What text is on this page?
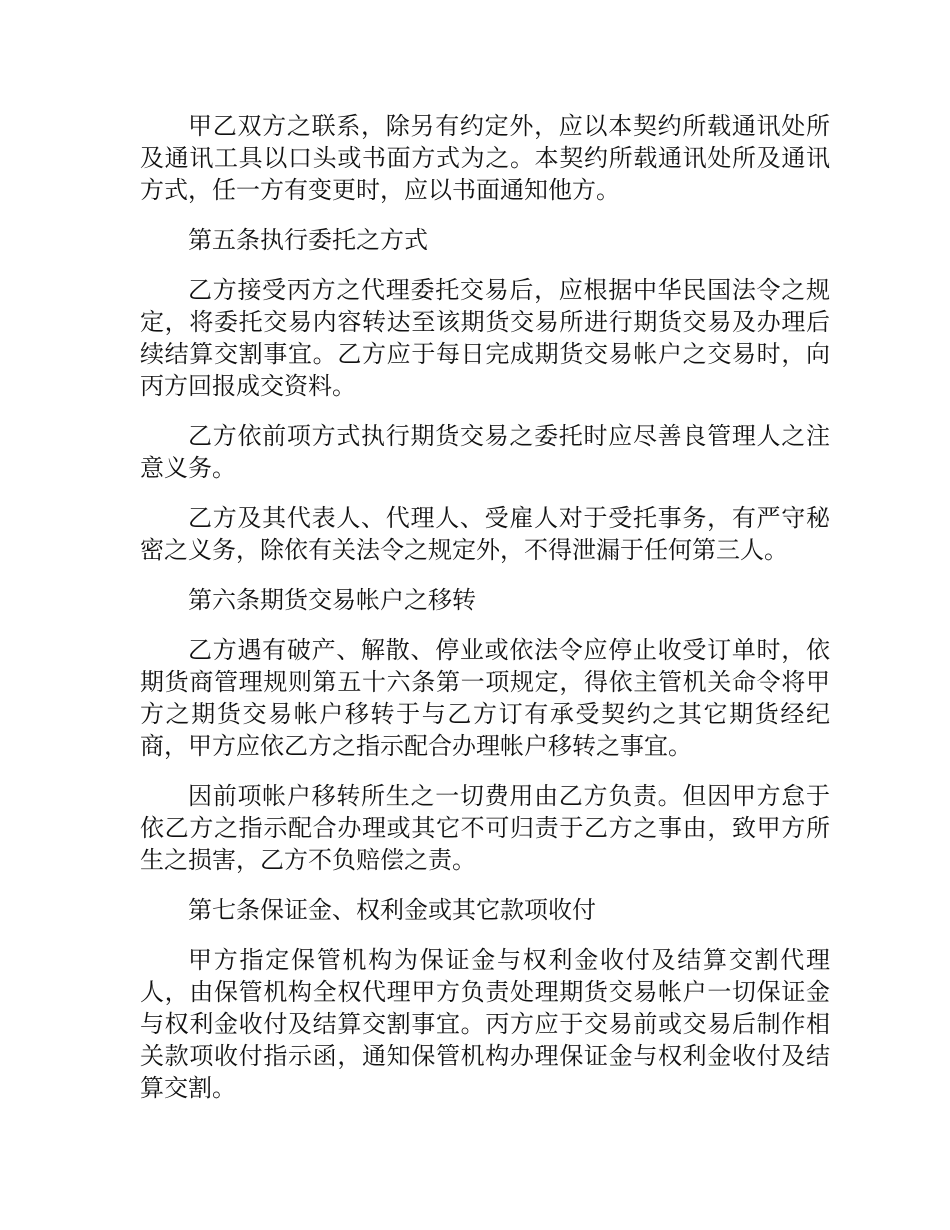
甲乙双方之联系，除另有约定外，应以本契约所载通讯处所及通讯工具以口头或书面方式为之。本契约所载通讯处所及通讯方式，任一方有变更时，应以书面通知他方。

第五条执行委托之方式

乙方接受丙方之代理委托交易后，应根据中华民国法令之规定，将委托交易内容转达至该期货交易所进行期货交易及办理后续结算交割事宜。乙方应于每日完成期货交易帐户之交易时，向丙方回报成交资料。

乙方依前项方式执行期货交易之委托时应尽善良管理人之注意义务。

乙方及其代表人、代理人、受雇人对于受托事务，有严守秘密之义务，除依有关法令之规定外，不得泄漏于任何第三人。

第六条期货交易帐户之移转

乙方遇有破产、解散、停业或依法令应停止收受订单时，依期货商管理规则第五十六条第一项规定，得依主管机关命令将甲方之期货交易帐户移转于与乙方订有承受契约之其它期货经纪商，甲方应依乙方之指示配合办理帐户移转之事宜。

因前项帐户移转所生之一切费用由乙方负责。但因甲方怠于依乙方之指示配合办理或其它不可归责于乙方之事由，致甲方所生之损害，乙方不负赔偿之责。

第七条保证金、权利金或其它款项收付

甲方指定保管机构为保证金与权利金收付及结算交割代理人，由保管机构全权代理甲方负责处理期货交易帐户一切保证金与权利金收付及结算交割事宜。丙方应于交易前或交易后制作相关款项收付指示函，通知保管机构办理保证金与权利金收付及结算交割。
